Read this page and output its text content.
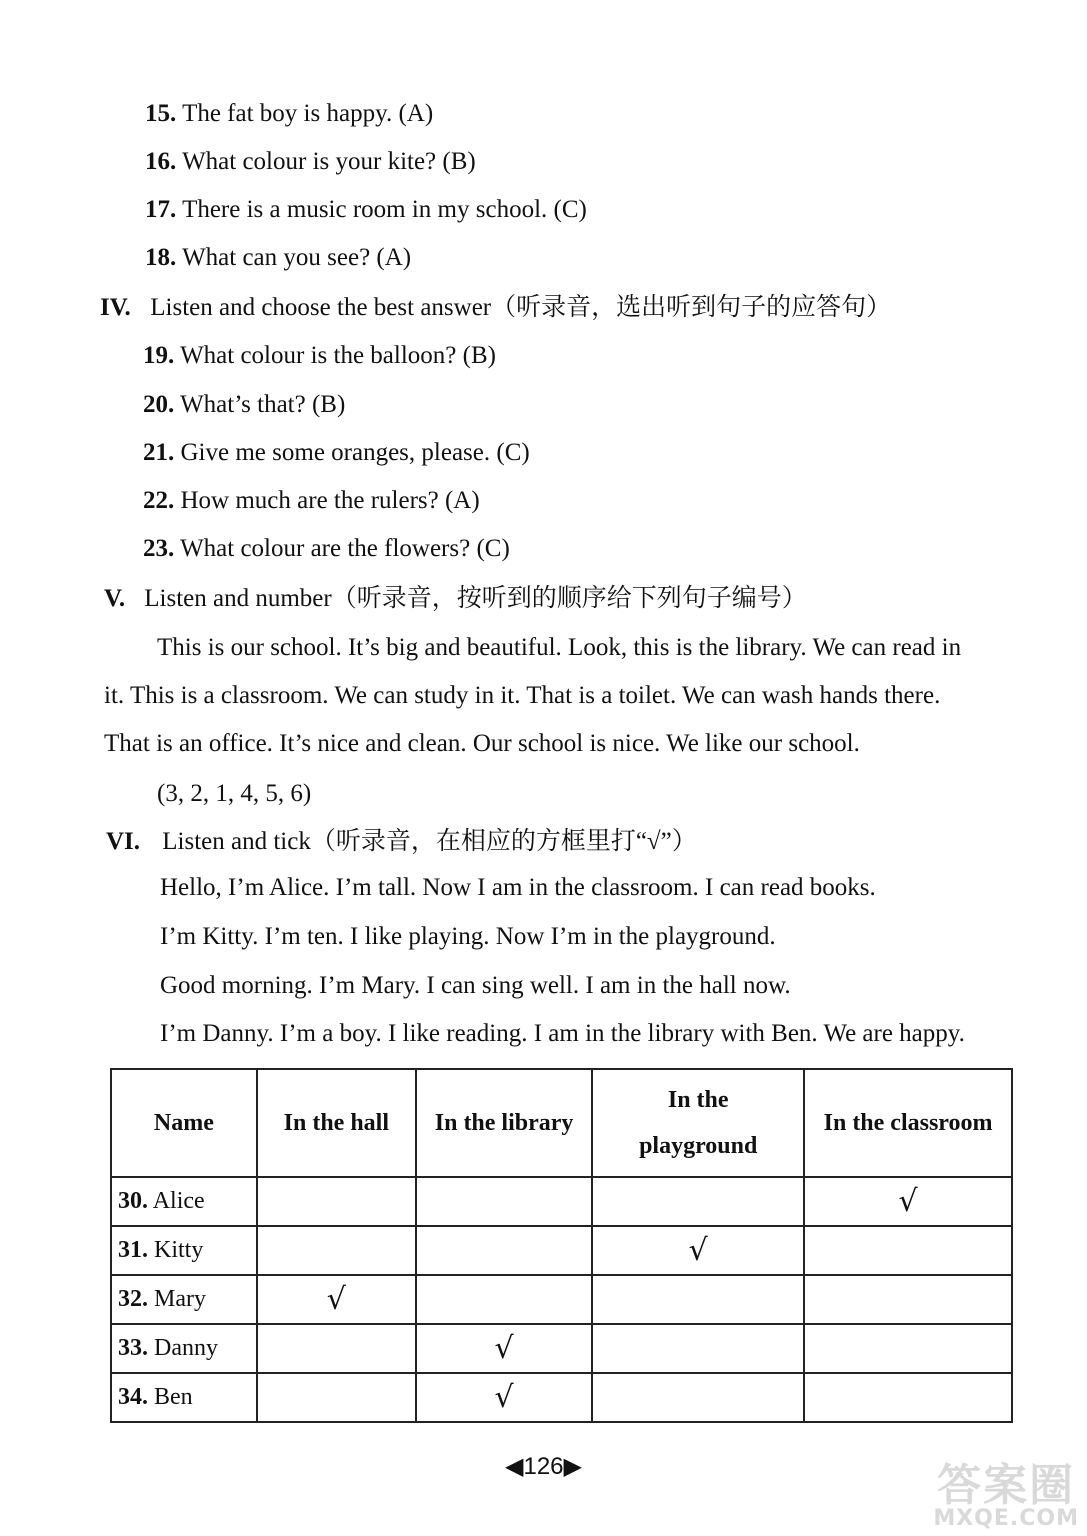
15. The fat boy is happy. (A)
16. What colour is your kite? (B)
17. There is a music room in my school. (C)
18. What can you see? (A)
IV. Listen and choose the best answer（听录音，选出听到句子的应答句）
19. What colour is the balloon? (B)
20. What’s that? (B)
21. Give me some oranges, please. (C)
22. How much are the rulers? (A)
23. What colour are the flowers? (C)
V. Listen and number（听录音，按听到的顺序给下列句子编号）
This is our school. It’s big and beautiful. Look, this is the library. We can read in
it. This is a classroom. We can study in it. That is a toilet. We can wash hands there.
That is an office. It’s nice and clean. Our school is nice. We like our school.
(3, 2, 1, 4, 5, 6)
VI. Listen and tick（听录音，在相应的方框里打“√”）
Hello, I’m Alice. I’m tall. Now I am in the classroom. I can read books.
I’m Kitty. I’m ten. I like playing. Now I’m in the playground.
Good morning. I’m Mary. I can sing well. I am in the hall now.
I’m Danny. I’m a boy. I like reading. I am in the library with Ben. We are happy.
Name	In the hall	In the library	In the playground	In the classroom
30. Alice				√
31. Kitty			√	
32. Mary	√			
33. Danny		√		
34. Ben		√		
◀126▶	答案圈
MXQE.COM
